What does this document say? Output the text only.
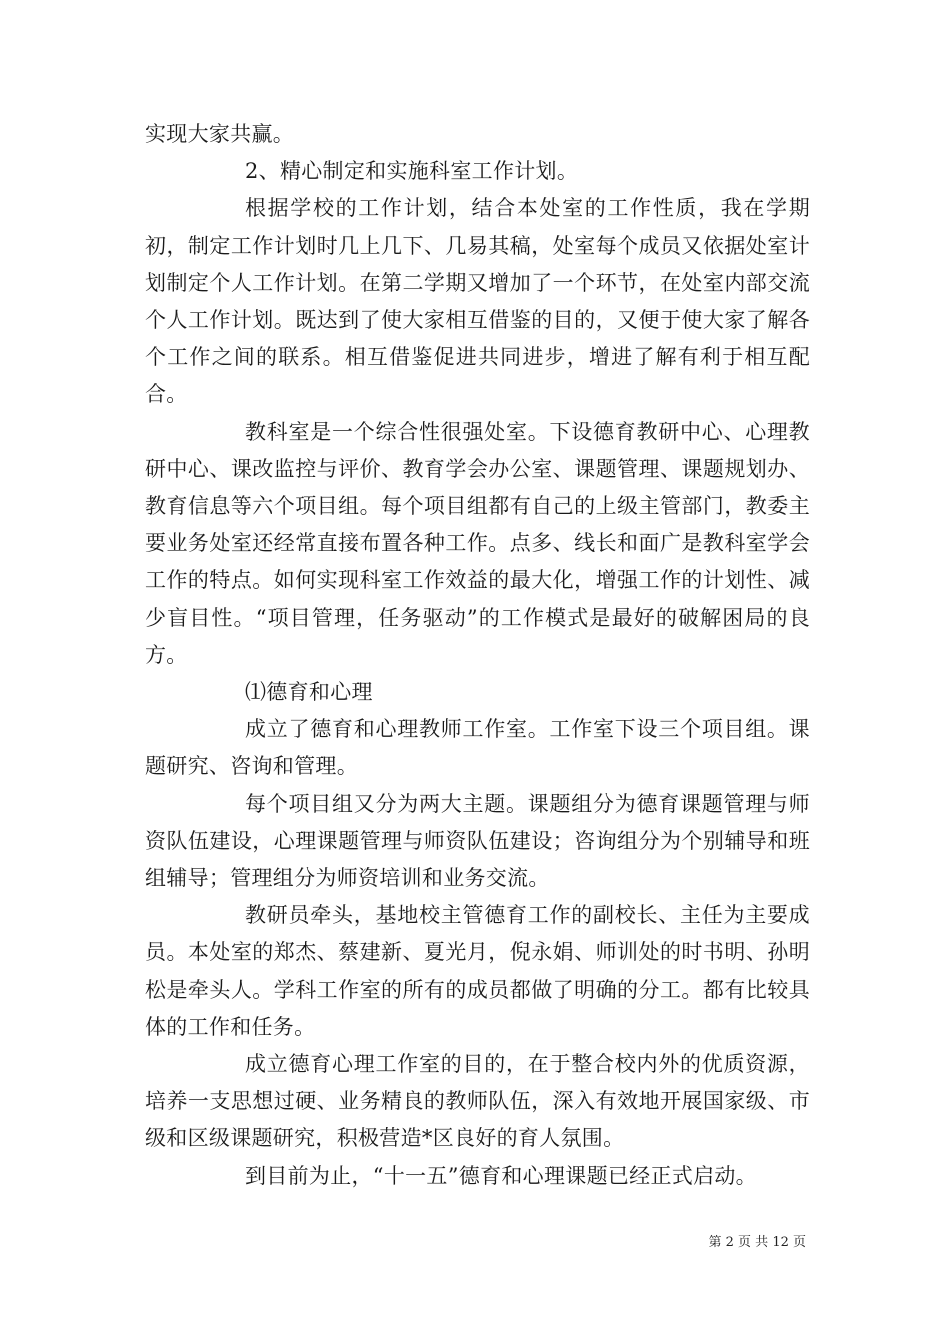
实现大家共赢。

2、精心制定和实施科室工作计划。

根据学校的工作计划，结合本处室的工作性质，我在学期初，制定工作计划时几上几下、几易其稿，处室每个成员又依据处室计划制定个人工作计划。在第二学期又增加了一个环节，在处室内部交流个人工作计划。既达到了使大家相互借鉴的目的，又便于使大家了解各个工作之间的联系。相互借鉴促进共同进步，增进了解有利于相互配合。

教科室是一个综合性很强处室。下设德育教研中心、心理教研中心、课改监控与评价、教育学会办公室、课题管理、课题规划办、教育信息等六个项目组。每个项目组都有自己的上级主管部门，教委主要业务处室还经常直接布置各种工作。点多、线长和面广是教科室学会工作的特点。如何实现科室工作效益的最大化，增强工作的计划性、减少盲目性。“项目管理，任务驱动”的工作模式是最好的破解困局的良方。

⑴德育和心理

成立了德育和心理教师工作室。工作室下设三个项目组。课题研究、咨询和管理。

每个项目组又分为两大主题。课题组分为德育课题管理与师资队伍建设，心理课题管理与师资队伍建设；咨询组分为个别辅导和班组辅导；管理组分为师资培训和业务交流。

教研员牵头，基地校主管德育工作的副校长、主任为主要成员。本处室的郑杰、蔡建新、夏光月，倪永娟、师训处的时书明、孙明松是牵头人。学科工作室的所有的成员都做了明确的分工。都有比较具体的工作和任务。

成立德育心理工作室的目的，在于整合校内外的优质资源，培养一支思想过硬、业务精良的教师队伍，深入有效地开展国家级、市级和区级课题研究，积极营造*区良好的育人氛围。

到目前为止，“十一五”德育和心理课题已经正式启动。

第 2 页 共 12 页
